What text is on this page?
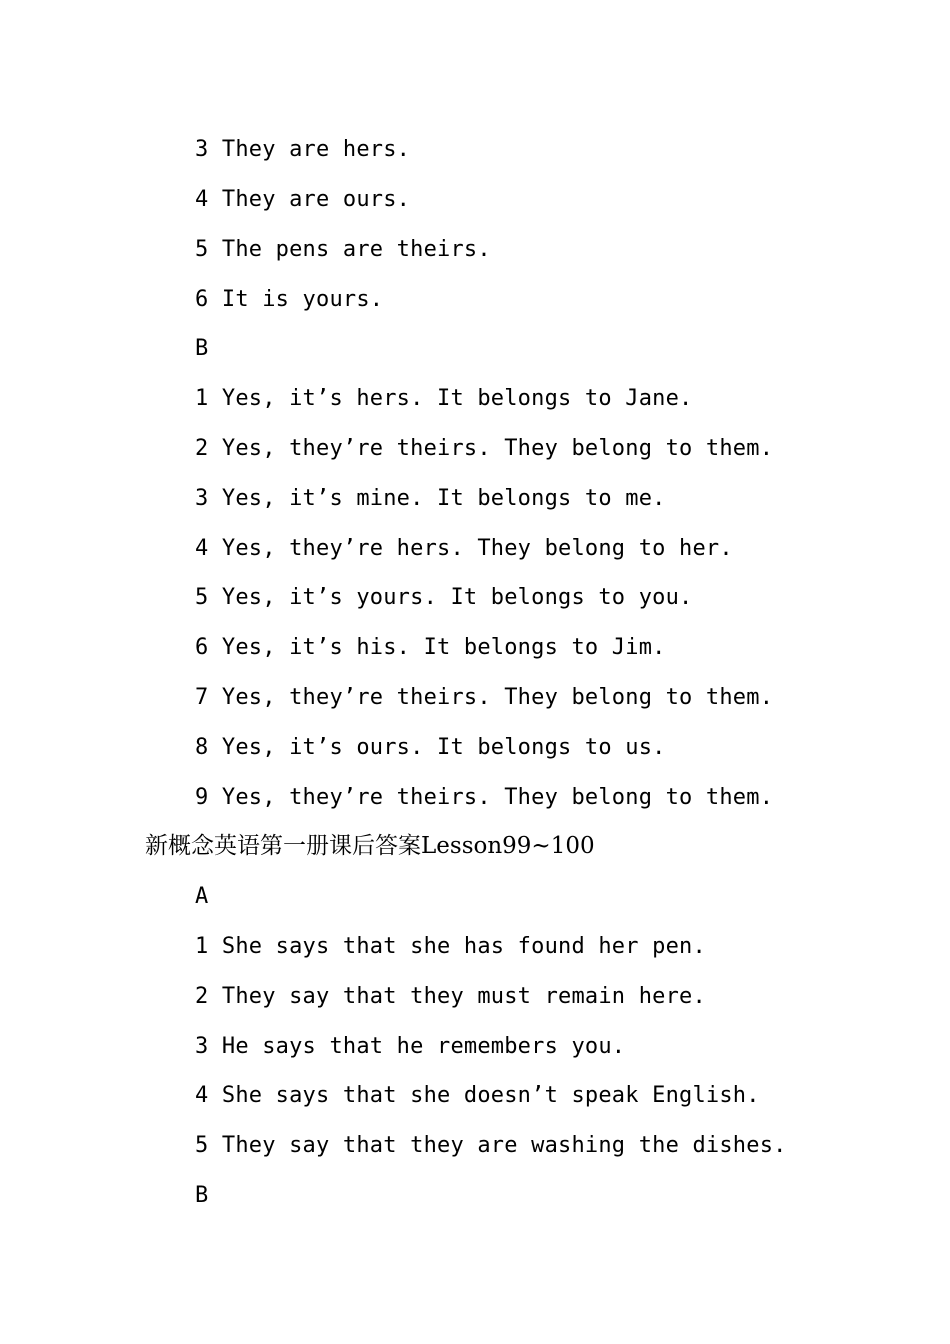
3 They are hers.
4 They are ours.
5 The pens are theirs.
6 It is yours.
B
1 Yes, it’s hers. It belongs to Jane.
2 Yes, they’re theirs. They belong to them.
3 Yes, it’s mine. It belongs to me.
4 Yes, they’re hers. They belong to her.
5 Yes, it’s yours. It belongs to you.
6 Yes, it’s his. It belongs to Jim.
7 Yes, they’re theirs. They belong to them.
8 Yes, it’s ours. It belongs to us.
9 Yes, they’re theirs. They belong to them.
新概念英语第一册课后答案Lesson99~100
A
1 She says that she has found her pen.
2 They say that they must remain here.
3 He says that he remembers you.
4 She says that she doesn’t speak English.
5 They say that they are washing the dishes.
B
